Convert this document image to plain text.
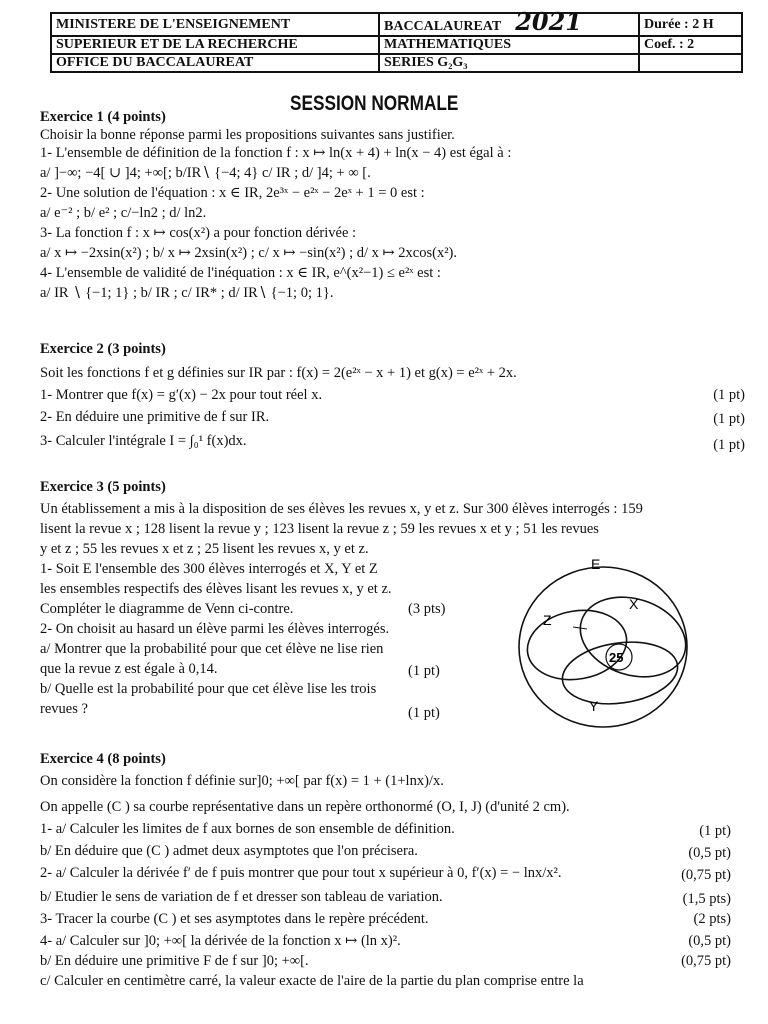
MINISTERE DE L'ENSEIGNEMENT	BACCALAUREAT 2021	Durée : 2 H
SUPERIEUR ET DE LA RECHERCHE	MATHEMATIQUES	Coef. : 2
OFFICE DU BACCALAUREAT	SERIES G₂G₃	
SESSION NORMALE
Exercice 1 (4 points)
Choisir la bonne réponse parmi les propositions suivantes sans justifier.
1- L'ensemble de définition de la fonction f : x ↦ ln(x + 4) + ln(x − 4) est égal à :
a/ ]−∞; −4[ ∪ ]4; +∞[; b/IR∖ {−4; 4} c/ IR ; d/ ]4; + ∞ [.
2- Une solution de l'équation : x ∈ IR, 2e³ˣ − e²ˣ − 2eˣ + 1 = 0 est :
a/ e⁻² ; b/ e² ; c/−ln2 ; d/ ln2.
3- La fonction f : x ↦ cos(x²) a pour fonction dérivée :
a/ x ↦ −2xsin(x²) ; b/ x ↦ 2xsin(x²) ; c/ x ↦ −sin(x²) ; d/ x ↦ 2xcos(x²).
4- L'ensemble de validité de l'inéquation : x ∈ IR, e^(x²−1) ≤ e²ˣ est :
a/ IR ∖ {−1; 1} ; b/ IR ; c/ IR* ; d/ IR∖ {−1; 0; 1}.
Exercice 2 (3 points)
Soit les fonctions f et g définies sur IR par : f(x) = 2(e²ˣ − x + 1) et g(x) = e²ˣ + 2x.
1- Montrer que f(x) = g′(x) − 2x pour tout réel x.	(1 pt)
2- En déduire une primitive de f sur IR.	(1 pt)
3- Calculer l'intégrale I = ∫₀¹ f(x)dx.	(1 pt)
Exercice 3 (5 points)
Un établissement a mis à la disposition de ses élèves les revues x, y et z. Sur 300 élèves interrogés : 159
lisent la revue x ; 128 lisent la revue y ; 123 lisent la revue z ; 59 les revues x et y ; 51 les revues
y et z ; 55 les revues x et z ; 25 lisent les revues x, y et z.
1- Soit E l'ensemble des 300 élèves interrogés et X, Y et Z
les ensembles respectifs des élèves lisant les revues x, y et z.
Compléter le diagramme de Venn ci-contre.	(3 pts)
2- On choisit au hasard un élève parmi les élèves interrogés.
a/ Montrer que la probabilité pour que cet élève ne lise rien
que la revue z est égale à 0,14.	(1 pt)
b/ Quelle est la probabilité pour que cet élève lise les trois
revues ?	(1 pt)
E
X
Z
Y
25
Exercice 4 (8 points)
On considère la fonction f définie sur]0; +∞[ par f(x) = 1 + (1+lnx)/x.
On appelle (C ) sa courbe représentative dans un repère orthonormé (O, I, J) (d'unité 2 cm).
1- a/ Calculer les limites de f aux bornes de son ensemble de définition.	(1 pt)
b/ En déduire que (C ) admet deux asymptotes que l'on précisera.	(0,5 pt)
2- a/ Calculer la dérivée f′ de f puis montrer que pour tout x supérieur à 0, f′(x) = − lnx/x².	(0,75 pt)
b/ Etudier le sens de variation de f et dresser son tableau de variation.	(1,5 pts)
3- Tracer la courbe (C ) et ses asymptotes dans le repère précédent.	(2 pts)
4- a/ Calculer sur ]0; +∞[ la dérivée de la fonction x ↦ (ln x)².	(0,5 pt)
b/ En déduire une primitive F de f sur ]0; +∞[.	(0,75 pt)
c/ Calculer en centimètre carré, la valeur exacte de l'aire de la partie du plan comprise entre la
